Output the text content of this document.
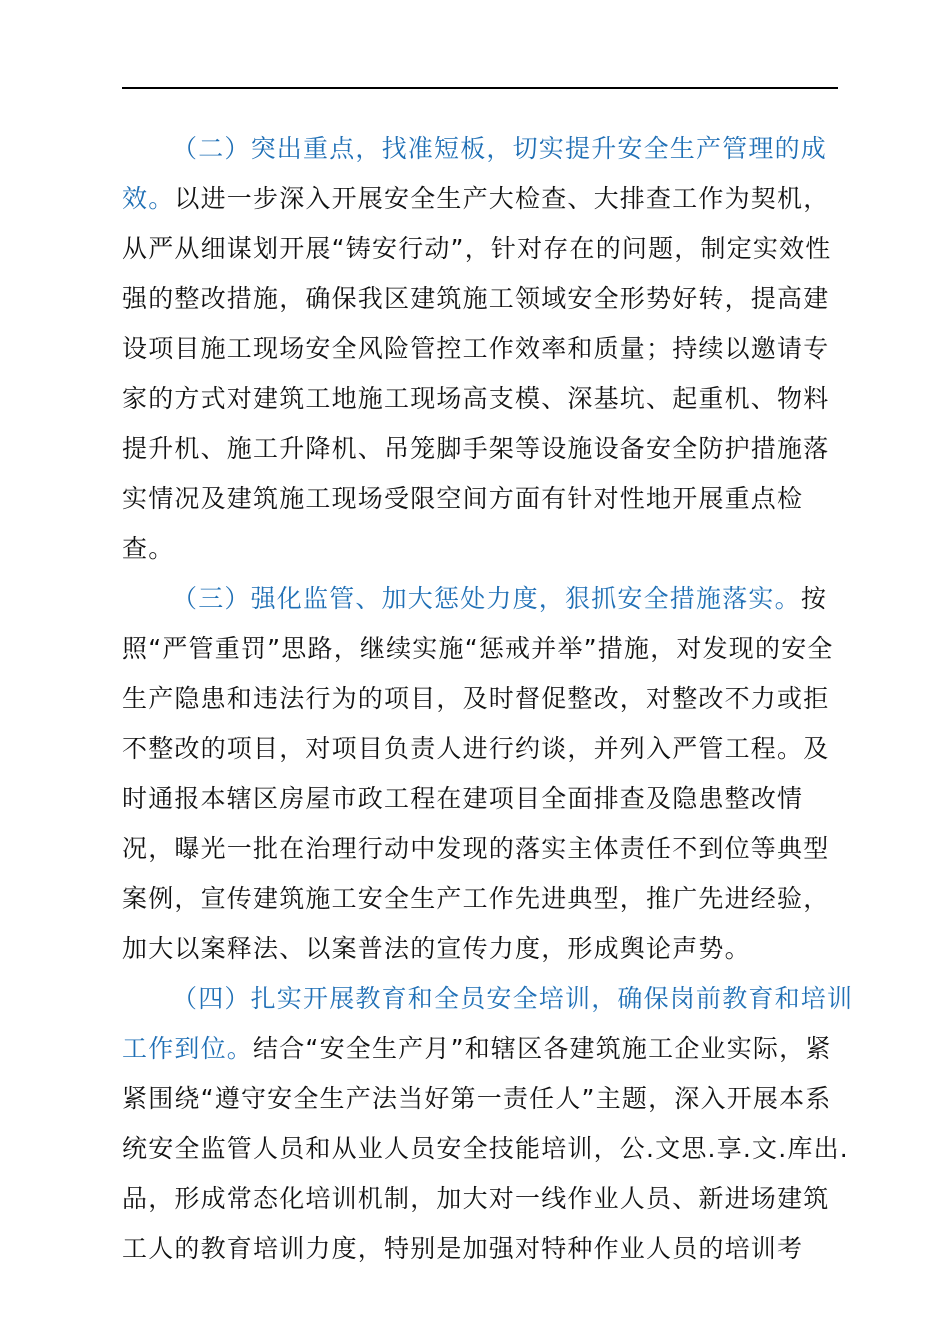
（二）突出重点，找准短板，切实提升安全生产管理的成效。以进一步深入开展安全生产大检查、大排查工作为契机，从严从细谋划开展“铸安行动”，针对存在的问题，制定实效性强的整改措施，确保我区建筑施工领域安全形势好转，提高建设项目施工现场安全风险管控工作效率和质量；持续以邀请专家的方式对建筑工地施工现场高支模、深基坑、起重机、物料提升机、施工升降机、吊笼脚手架等设施设备安全防护措施落实情况及建筑施工现场受限空间方面有针对性地开展重点检查。

（三）强化监管、加大惩处力度，狠抓安全措施落实。按照“严管重罚”思路，继续实施“惩戒并举”措施，对发现的安全生产隐患和违法行为的项目，及时督促整改，对整改不力或拒不整改的项目，对项目负责人进行约谈，并列入严管工程。及时通报本辖区房屋市政工程在建项目全面排查及隐患整改情况，曝光一批在治理行动中发现的落实主体责任不到位等典型案例，宣传建筑施工安全生产工作先进典型，推广先进经验，加大以案释法、以案普法的宣传力度，形成舆论声势。

（四）扎实开展教育和全员安全培训，确保岗前教育和培训工作到位。结合“安全生产月”和辖区各建筑施工企业实际，紧紧围绕“遵守安全生产法当好第一责任人”主题，深入开展本系统安全监管人员和从业人员安全技能培训，公.文思.享.文.库出.品，形成常态化培训机制，加大对一线作业人员、新进场建筑工人的教育培训力度，特别是加强对特种作业人员的培训考
